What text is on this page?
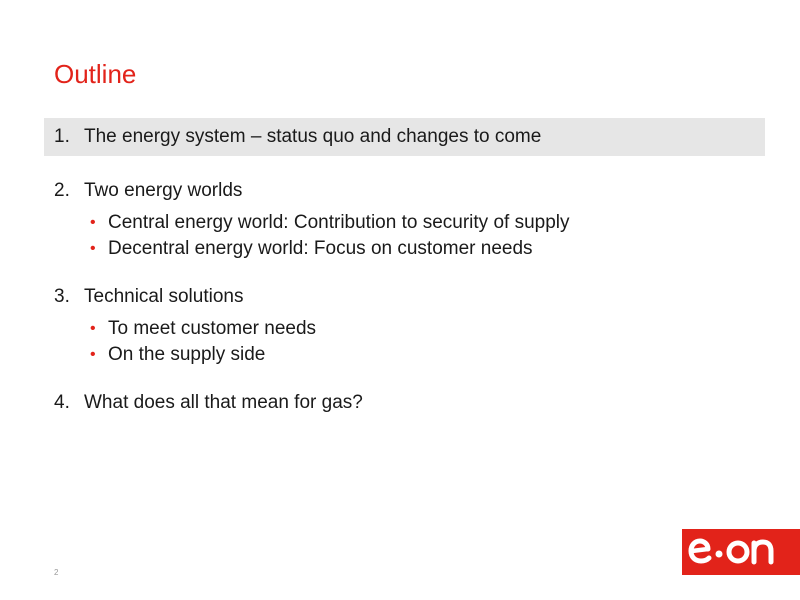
Outline
1. The energy system – status quo and changes to come
2. Two energy worlds
• Central energy world: Contribution to security of supply
• Decentral energy world: Focus on customer needs
3. Technical solutions
• To meet customer needs
• On the supply side
4. What does all that mean for gas?
2
